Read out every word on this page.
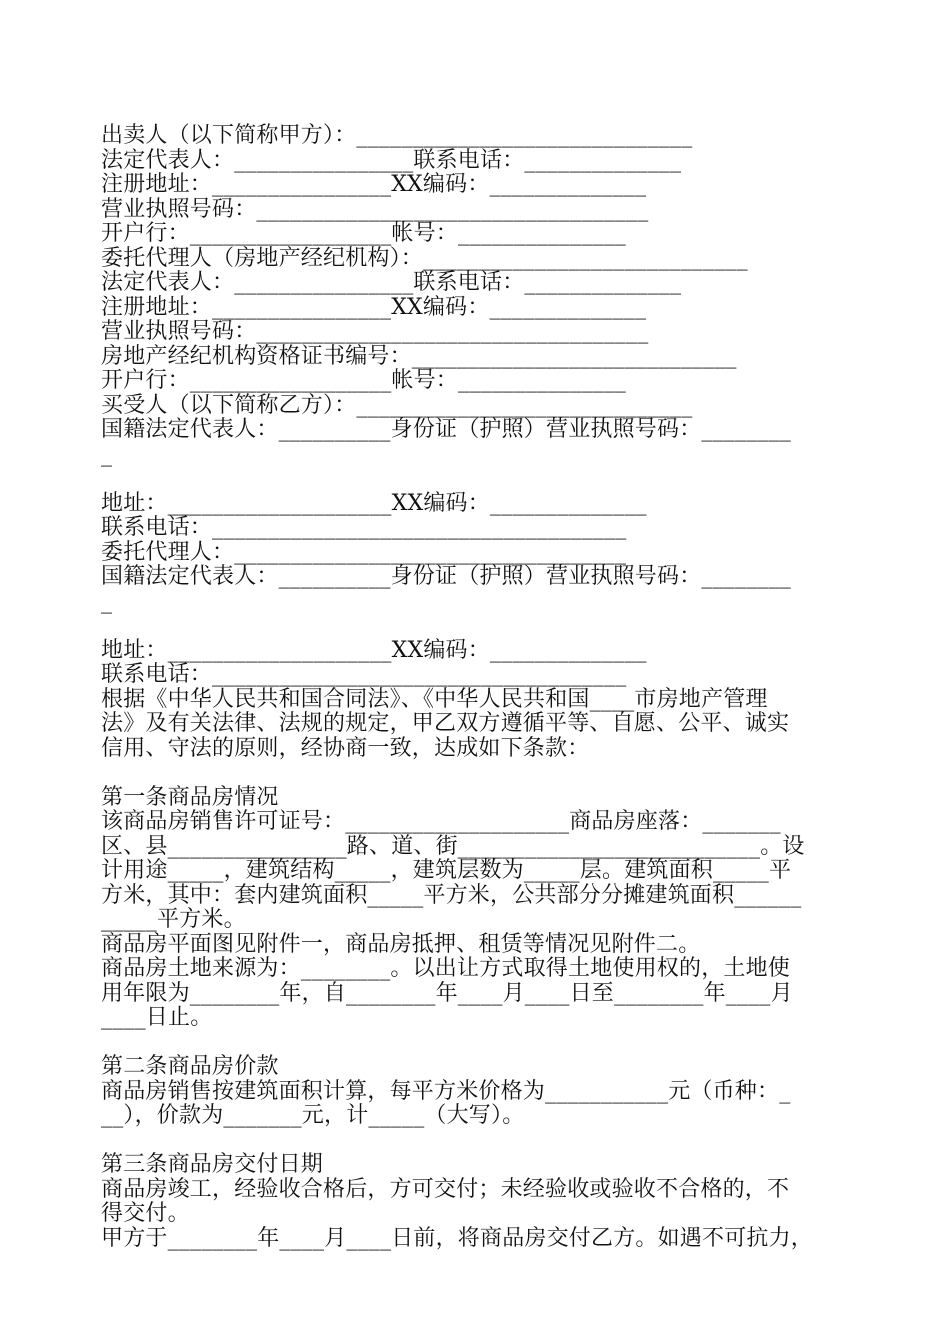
出卖人（以下简称甲方）：______________________________
法定代表人：________________联系电话：______________
注册地址：________________XX编码：______________
营业执照号码：___________________________________
开户行：__________________帐号：_______________
委托代理人（房地产经纪机构）：_____________________________
法定代表人：________________联系电话：______________
注册地址：________________XX编码：______________
营业执照号码：___________________________________
房地产经纪机构资格证书编号：_____________________________
开户行：__________________帐号：_______________
买受人（以下简称乙方）：______________________________
国籍法定代表人：__________身份证（护照）营业执照号码：________
_
地址：____________________XX编码：______________
联系电话：_____________________________________
委托代理人：___________________________________
国籍法定代表人：__________身份证（护照）营业执照号码：________
_
地址：____________________XX编码：______________
联系电话：_____________________________________
根据《中华人民共和国合同法》、《中华人民共和国____市房地产管理
法》及有关法律、法规的规定，甲乙双方遵循平等、自愿、公平、诚实
信用、守法的原则，经协商一致，达成如下条款：
第一条商品房情况
该商品房销售许可证号：____________________商品房座落：_______
区、县________________路、道、街___________________________。设
计用途_____，建筑结构_____，建筑层数为_____层。建筑面积_____平
方米，其中：套内建筑面积_____平方米，公共部分分摊建筑面积______
_____平方米。
商品房平面图见附件一，商品房抵押、租赁等情况见附件二。
商品房土地来源为：________。以出让方式取得土地使用权的，土地使
用年限为________年，自________年____月____日至________年____月
____日止。
第二条商品房价款
商品房销售按建筑面积计算，每平方米价格为___________元（币种：_
__），价款为_______元，计_____（大写）。
第三条商品房交付日期
商品房竣工，经验收合格后，方可交付；未经验收或验收不合格的，不
得交付。
甲方于________年____月____日前，将商品房交付乙方。如遇不可抗力，
